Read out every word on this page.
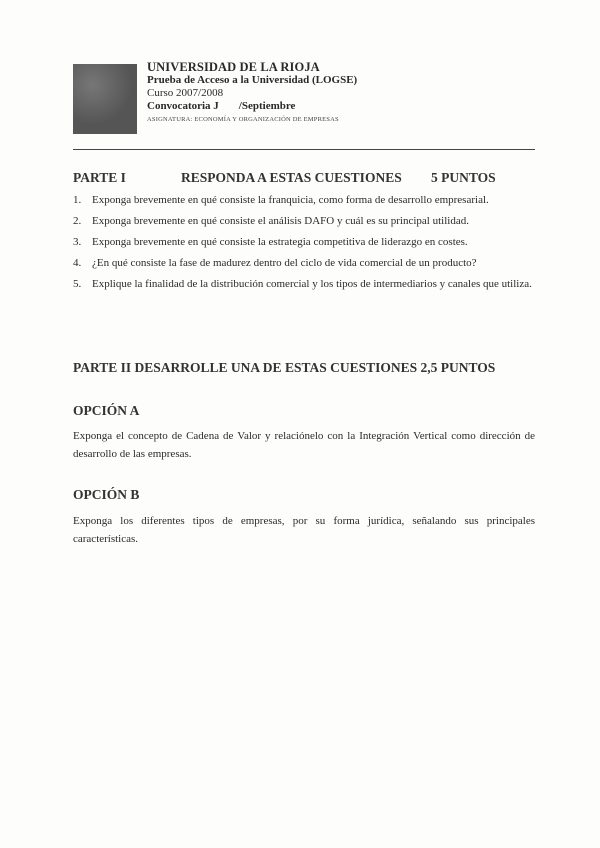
UNIVERSIDAD DE LA RIOJA
Prueba de Acceso a la Universidad (LOGSE)
Curso 2007/2008
Convocatoria J /Septiembre
ASIGNATURA: ECONOMÍA Y ORGANIZACIÓN DE EMPRESAS
PARTE I	RESPONDA A ESTAS CUESTIONES 5 PUNTOS
1. Exponga brevemente en qué consiste la franquicia, como forma de desarrollo empresarial.
2. Exponga brevemente en qué consiste el análisis DAFO y cuál es su principal utilidad.
3. Exponga brevemente en qué consiste la estrategia competitiva de liderazgo en costes.
4. ¿En qué consiste la fase de madurez dentro del ciclo de vida comercial de un producto?
5. Explique la finalidad de la distribución comercial y los tipos de intermediarios y canales que utiliza.
PARTE II DESARROLLE UNA DE ESTAS CUESTIONES 2,5 PUNTOS
OPCIÓN A
Exponga el concepto de Cadena de Valor y relaciónelo con la Integración Vertical como dirección de desarrollo de las empresas.
OPCIÓN B
Exponga los diferentes tipos de empresas, por su forma jurídica, señalando sus principales características.
